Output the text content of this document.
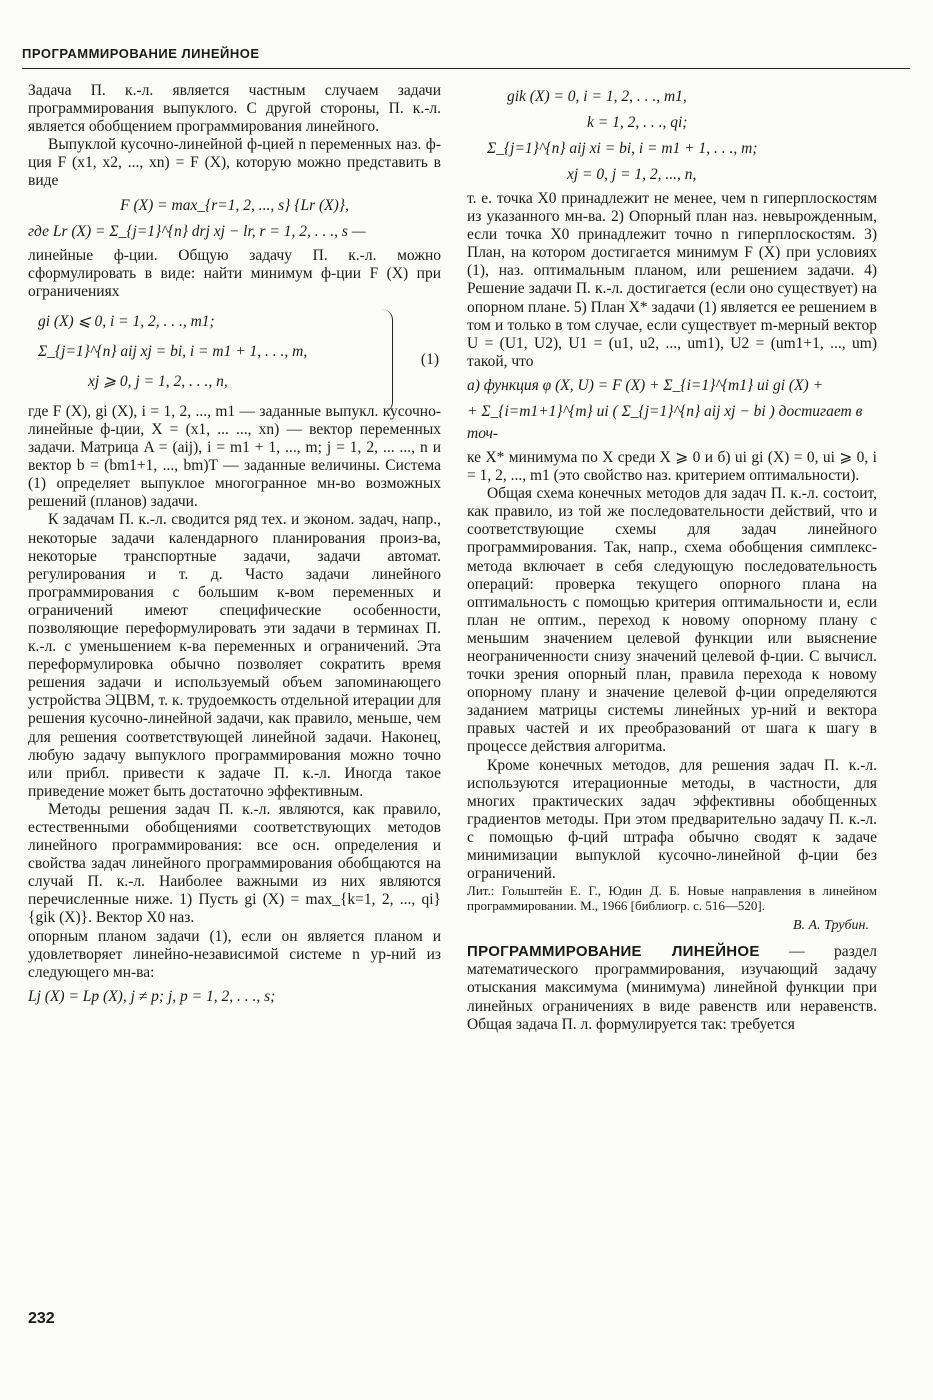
ПРОГРАММИРОВАНИЕ ЛИНЕЙНОЕ

Задача П. к.-л. является частным случаем задачи программирования выпуклого. С другой стороны, П. к.-л. является обобщением программирования линейного.

Выпуклой кусочно-линейной ф-цией n переменных наз. ф-ция F (x1, x2, ..., xn) = F (X), которую можно представить в виде

F (X) = max_{r=1, 2, ..., s} {Lr (X)},
где Lr (X) = Σ_{j=1}^{n} drj xj − lr, r = 1, 2, . . ., s —

линейные ф-ции. Общую задачу П. к.-л. можно сформулировать в виде: найти минимум ф-ции F (X) при ограничениях

gi (X) ⩽ 0, i = 1, 2, . . ., m1;
Σ_{j=1}^{n} aij xj = bi, i = m1 + 1, . . ., m,
xj ⩾ 0, j = 1, 2, . . ., n,
(1)

где F (X), gi (X), i = 1, 2, ..., m1 — заданные выпукл. кусочно-линейные ф-ции, X = (x1, ... ..., xn) — вектор переменных задачи. Матрица A = (aij), i = m1 + 1, ..., m; j = 1, 2, ... ..., n и вектор b = (bm1+1, ..., bm)T — заданные величины. Система (1) определяет выпуклое многогранное мн-во возможных решений (планов) задачи.

К задачам П. к.-л. сводится ряд тех. и эконом. задач, напр., некоторые задачи календарного планирования произ-ва, некоторые транспортные задачи, задачи автомат. регулирования и т. д. Часто задачи линейного программирования с большим к-вом переменных и ограничений имеют специфические особенности, позволяющие переформулировать эти задачи в терминах П. к.-л. с уменьшением к-ва переменных и ограничений. Эта переформулировка обычно позволяет сократить время решения задачи и используемый объем запоминающего устройства ЭЦВМ, т. к. трудоемкость отдельной итерации для решения кусочно-линейной задачи, как правило, меньше, чем для решения соответствующей линейной задачи. Наконец, любую задачу выпуклого программирования можно точно или прибл. привести к задаче П. к.-л. Иногда такое приведение может быть достаточно эффективным.

Методы решения задач П. к.-л. являются, как правило, естественными обобщениями соответствующих методов линейного программирования: все осн. определения и свойства задач линейного программирования обобщаются на случай П. к.-л. Наиболее важными из них являются перечисленные ниже. 1) Пусть gi (X) = max_{k=1, 2, ..., qi} {gik (X)}. Вектор X0 наз.

опорным планом задачи (1), если он является планом и удовлетворяет линейно-независимой системе n ур-ний из следующего мн-ва:

Lj (X) = Lp (X), j ≠ p; j, p = 1, 2, . . ., s;
gik (X) = 0, i = 1, 2, . . ., m1,
k = 1, 2, . . ., qi;
Σ_{j=1}^{n} aij xi = bi, i = m1 + 1, . . ., m;
xj = 0, j = 1, 2, ..., n,

т. е. точка X0 принадлежит не менее, чем n гиперплоскостям из указанного мн-ва. 2) Опорный план наз. невырожденным, если точка X0 принадлежит точно n гиперплоскостям. 3) План, на котором достигается минимум F (X) при условиях (1), наз. оптимальным планом, или решением задачи. 4) Решение задачи П. к.-л. достигается (если оно существует) на опорном плане. 5) План X* задачи (1) является ее решением в том и только в том случае, если существует m-мерный вектор U = (U1, U2), U1 = (u1, u2, ..., um1), U2 = (um1+1, ..., um) такой, что

а) функция φ (X, U) = F (X) + Σ_{i=1}^{m1} ui gi (X) +
+ Σ_{i=m1+1}^{m} ui ( Σ_{j=1}^{n} aij xj − bi ) достигает в точ-

ке X* минимума по X среди X ⩾ 0 и б) ui gi (X) = 0, ui ⩾ 0, i = 1, 2, ..., m1 (это свойство наз. критерием оптимальности).

Общая схема конечных методов для задач П. к.-л. состоит, как правило, из той же последовательности действий, что и соответствующие схемы для задач линейного программирования. Так, напр., схема обобщения симплекс-метода включает в себя следующую последовательность операций: проверка текущего опорного плана на оптимальность с помощью критерия оптимальности и, если план не оптим., переход к новому опорному плану с меньшим значением целевой функции или выяснение неограниченности снизу значений целевой ф-ции. С вычисл. точки зрения опорный план, правила перехода к новому опорному плану и значение целевой ф-ции определяются заданием матрицы системы линейных ур-ний и вектора правых частей и их преобразований от шага к шагу в процессе действия алгоритма.

Кроме конечных методов, для решения задач П. к.-л. используются итерационные методы, в частности, для многих практических задач эффективны обобщенных градиентов методы. При этом предварительно задачу П. к.-л. с помощью ф-ций штрафа обычно сводят к задаче минимизации выпуклой кусочно-линейной ф-ции без ограничений.

Лит.: Гольштейн Е. Г., Юдин Д. Б. Новые направления в линейном программировании. М., 1966 [библиогр. с. 516—520].

В. А. Трубин.

ПРОГРАММИРОВАНИЕ ЛИНЕЙНОЕ — раздел математического программирования, изучающий задачу отыскания максимума (минимума) линейной функции при линейных ограничениях в виде равенств или неравенств. Общая задача П. л. формулируется так: требуется

232
